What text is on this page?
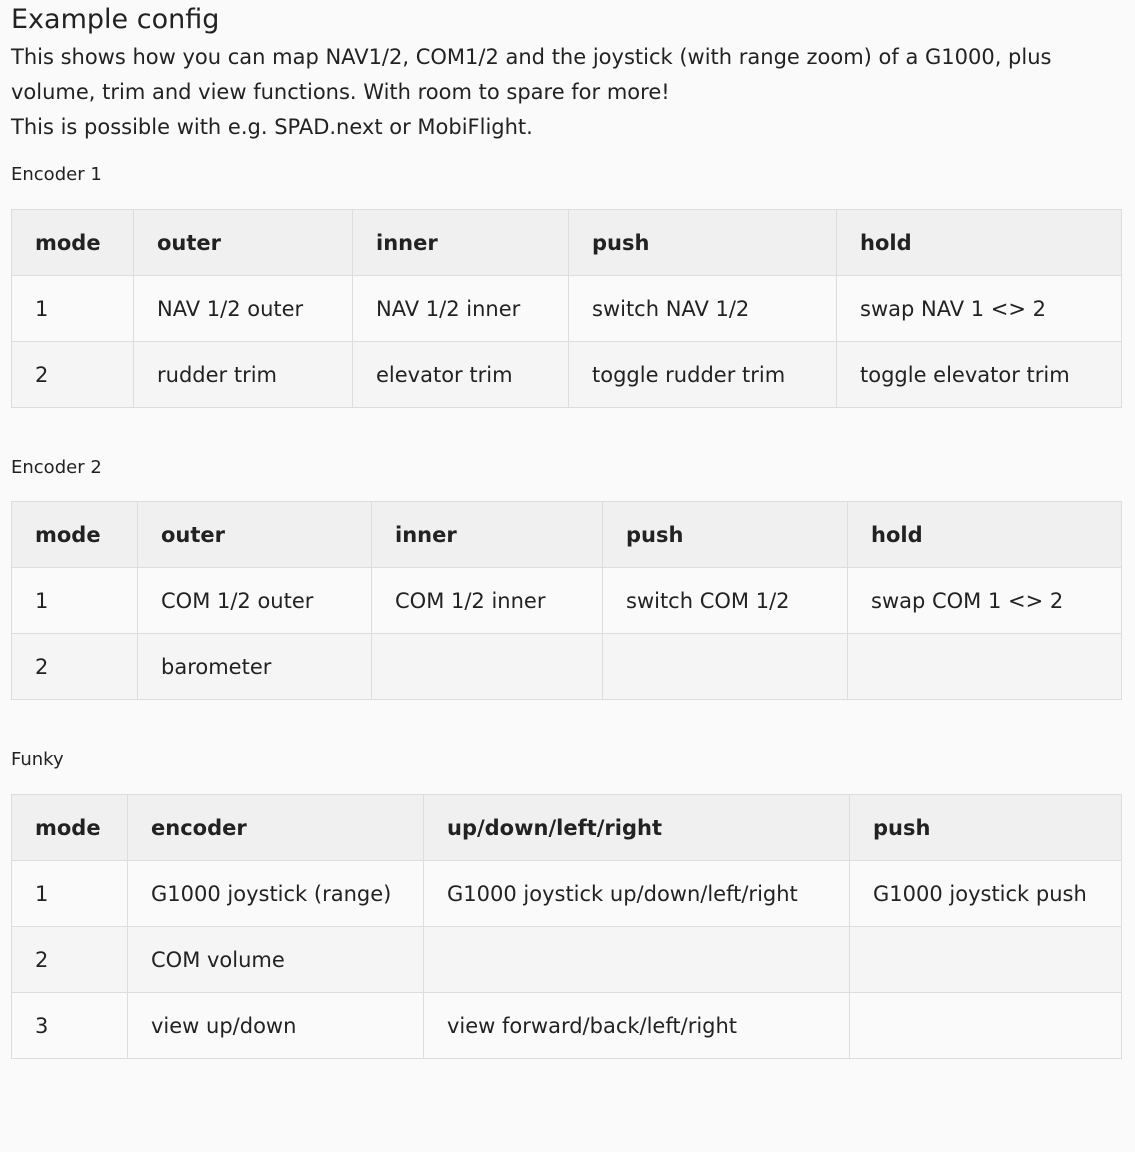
Example config

This shows how you can map NAV1/2, COM1/2 and the joystick (with range zoom) of a G1000, plus volume, trim and view functions. With room to spare for more!

This is possible with e.g. SPAD.next or MobiFlight.

Encoder 1
mode	outer	inner	push	hold
1	NAV 1/2 outer	NAV 1/2 inner	switch NAV 1/2	swap NAV 1 <> 2
2	rudder trim	elevator trim	toggle rudder trim	toggle elevator trim
Encoder 2
mode	outer	inner	push	hold
1	COM 1/2 outer	COM 1/2 inner	switch COM 1/2	swap COM 1 <> 2
2	barometer			
Funky
mode	encoder	up/down/left/right	push
1	G1000 joystick (range)	G1000 joystick up/down/left/right	G1000 joystick push
2	COM volume		
3	view up/down	view forward/back/left/right	
